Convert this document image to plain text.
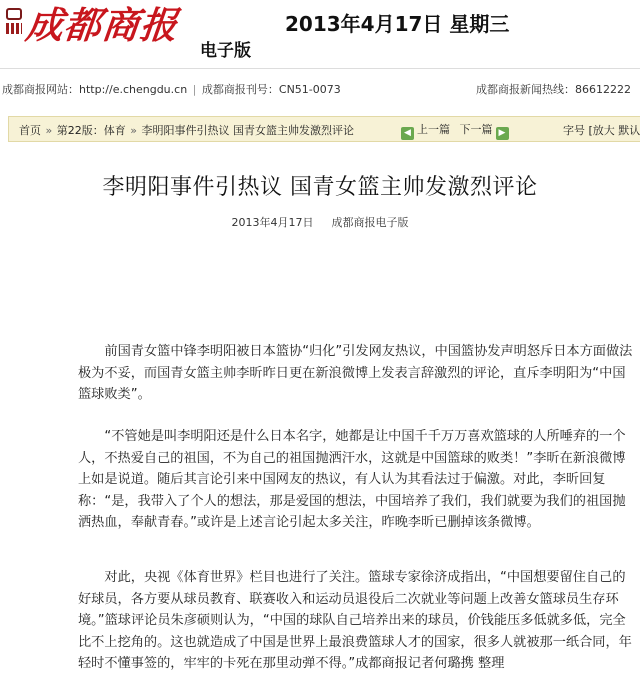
成都商报
电子版
2013年4月17日 星期三
成都商报网站：http://e.chengdu.cn | 成都商报刊号：CN51-0073	成都商报新闻热线：86612222
首页 » 第22版：体育 » 李明阳事件引热议 国青女篮主帅发激烈评论	◀ 上一篇 下一篇 ▶	字号 [放大 默认
李明阳事件引热议 国青女篮主帅发激烈评论
2013年4月17日 成都商报电子版

前国青女篮中锋李明阳被日本篮协“归化”引发网友热议，中国篮协发声明怒斥日本方面做法极为不妥，而国青女篮主帅李昕昨日更在新浪微博上发表言辞激烈的评论，直斥李明阳为“中国篮球败类”。

“不管她是叫李明阳还是什么日本名字，她都是让中国千千万万喜欢篮球的人所唾弃的一个人，不热爱自己的祖国，不为自己的祖国抛洒汗水，这就是中国篮球的败类！”李昕在新浪微博上如是说道。随后其言论引来中国网友的热议，有人认为其看法过于偏激。对此，李昕回复称：“是，我带入了个人的想法，那是爱国的想法，中国培养了我们，我们就要为我们的祖国抛洒热血，奉献青春。”或许是上述言论引起太多关注，昨晚李昕已删掉该条微博。

对此，央视《体育世界》栏目也进行了关注。篮球专家徐济成指出，“中国想要留住自己的好球员，各方要从球员教育、联赛收入和运动员退役后二次就业等问题上改善女篮球员生存环境。”篮球评论员朱彦硕则认为，“中国的球队自己培养出来的球员，价钱能压多低就多低，完全比不上挖角的。这也就造成了中国是世界上最浪费篮球人才的国家，很多人就被那一纸合同，年轻时不懂事签的，牢牢的卡死在那里动弹不得。”成都商报记者何璐携 整理
